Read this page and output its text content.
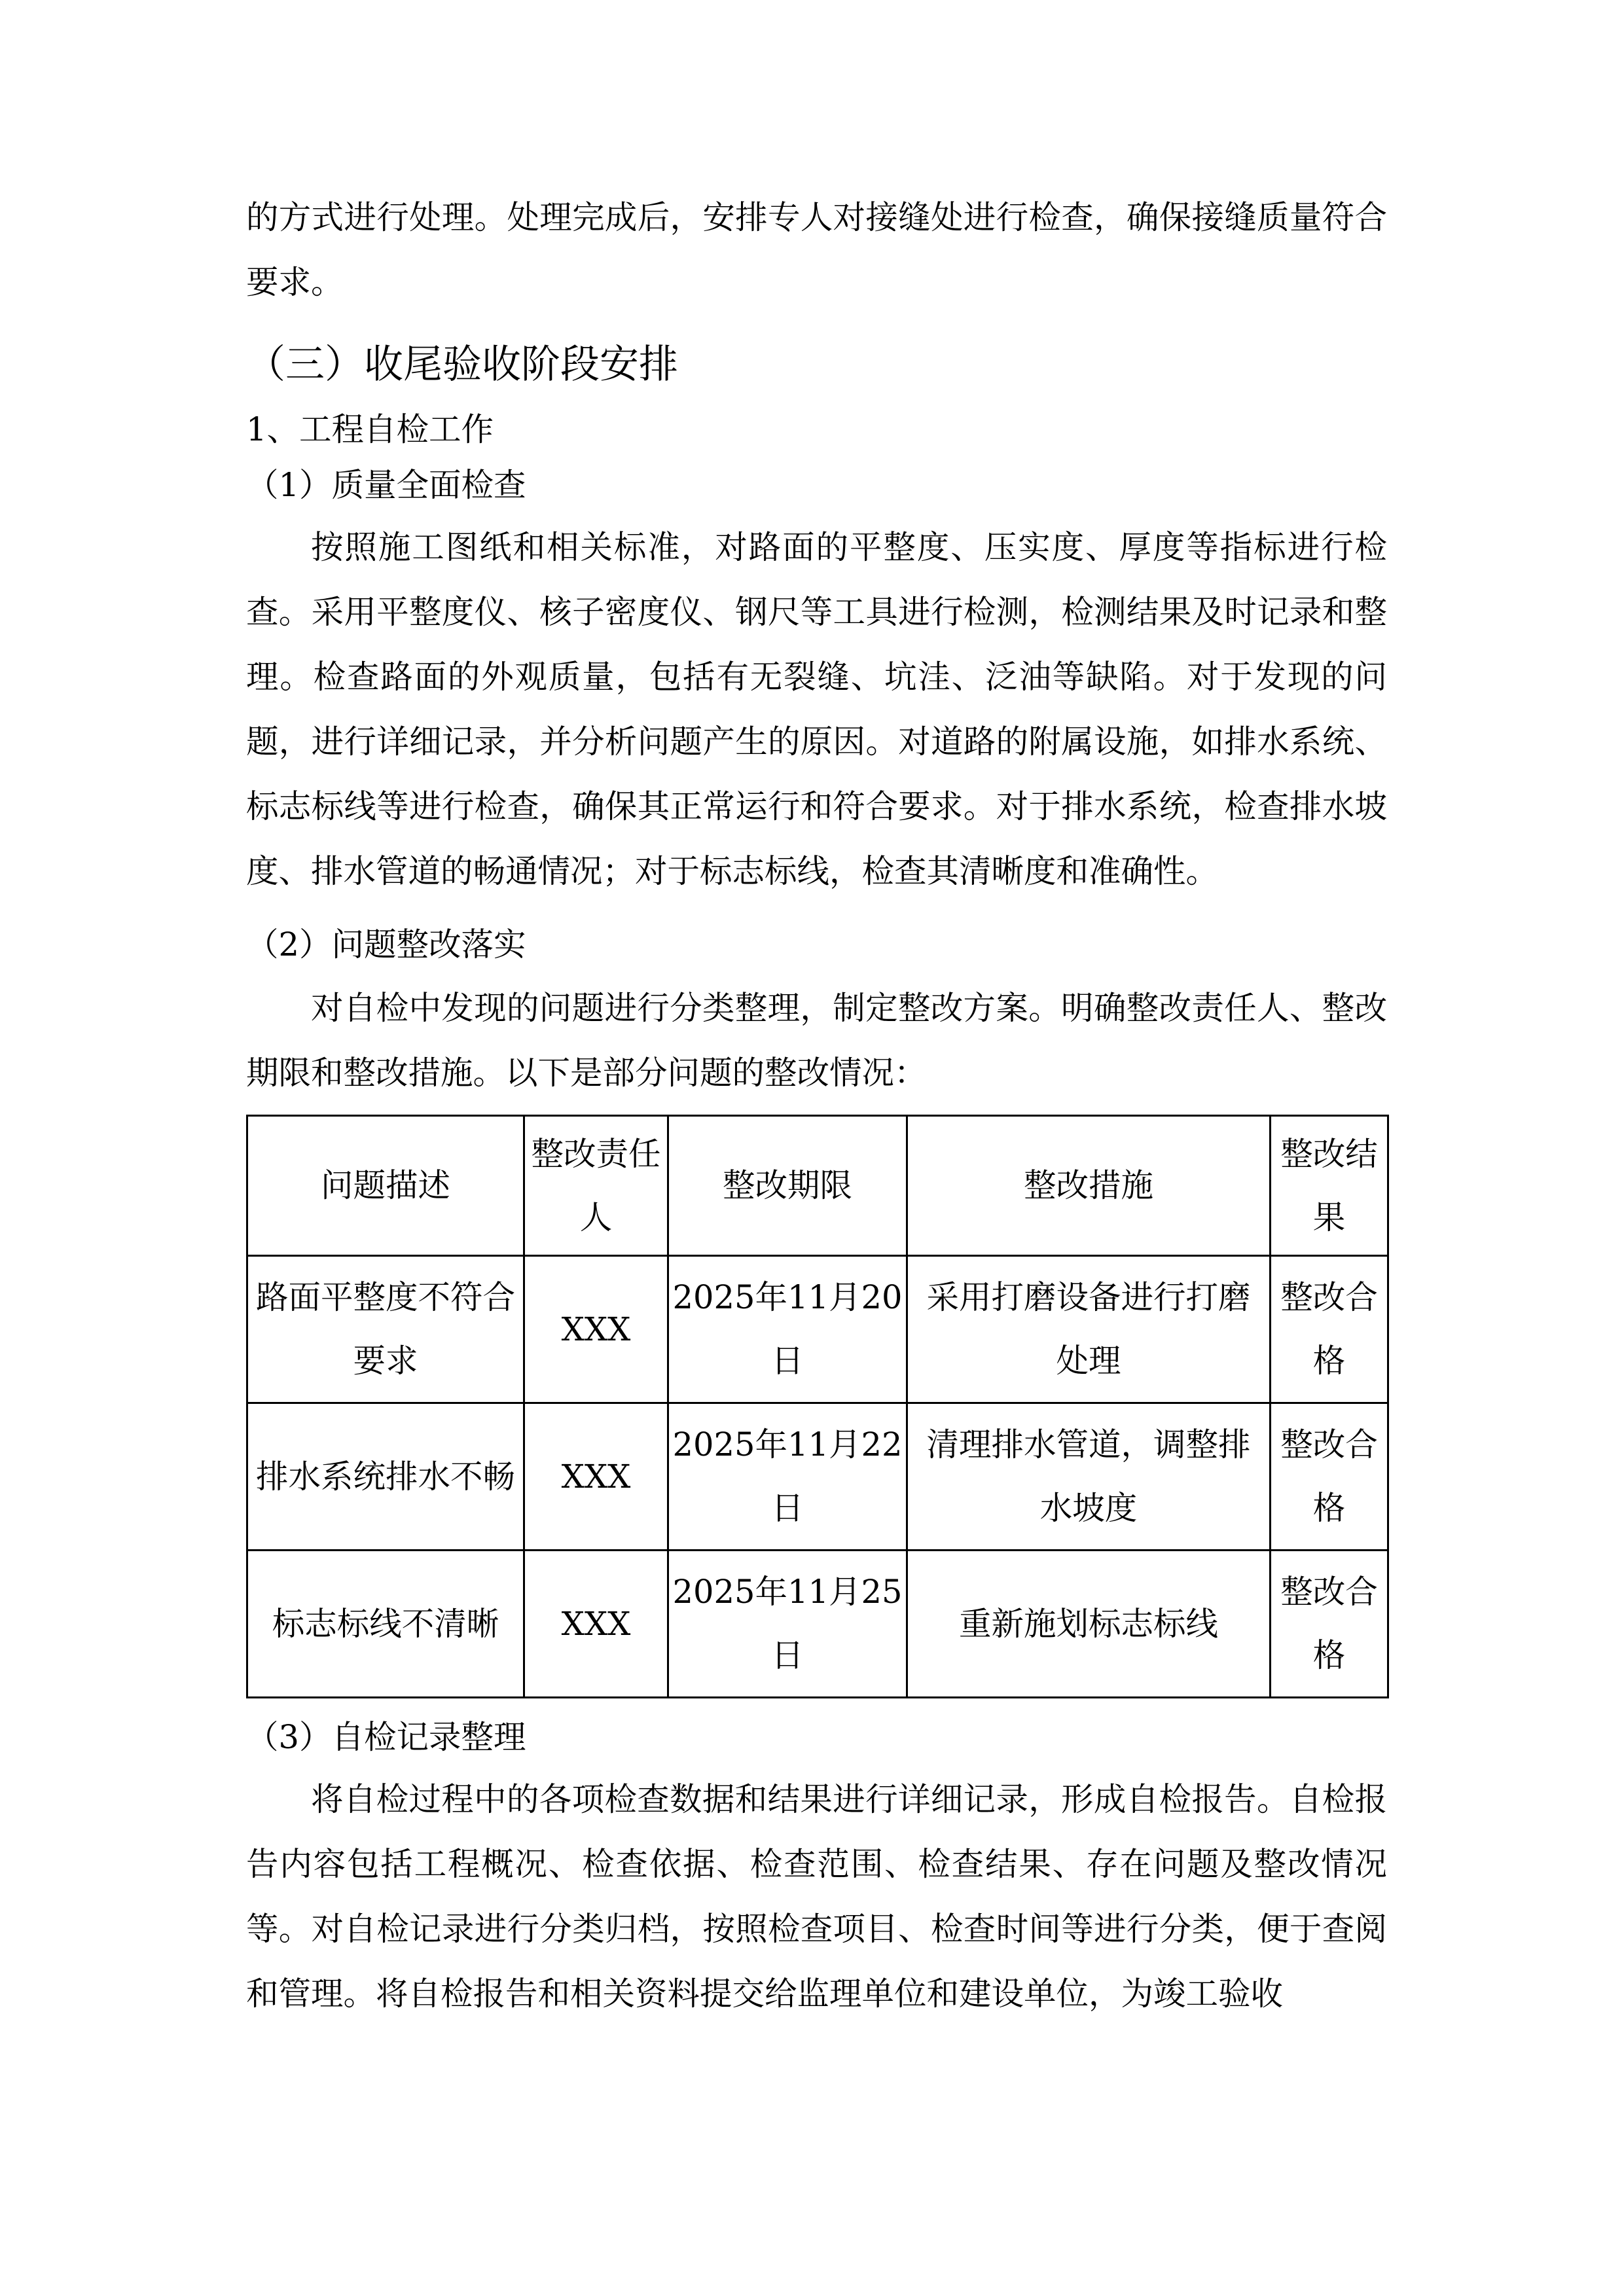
的方式进行处理。处理完成后，安排专人对接缝处进行检查，确保接缝质量符合要求。

（三）收尾验收阶段安排

1、工程自检工作

（1）质量全面检查

按照施工图纸和相关标准，对路面的平整度、压实度、厚度等指标进行检查。采用平整度仪、核子密度仪、钢尺等工具进行检测，检测结果及时记录和整理。检查路面的外观质量，包括有无裂缝、坑洼、泛油等缺陷。对于发现的问题，进行详细记录，并分析问题产生的原因。对道路的附属设施，如排水系统、标志标线等进行检查，确保其正常运行和符合要求。对于排水系统，检查排水坡度、排水管道的畅通情况；对于标志标线，检查其清晰度和准确性。

（2）问题整改落实

对自检中发现的问题进行分类整理，制定整改方案。明确整改责任人、整改期限和整改措施。以下是部分问题的整改情况：

问题描述	整改责任人	整改期限	整改措施	整改结果
路面平整度不符合要求	XXX	2025年11月20日	采用打磨设备进行打磨处理	整改合格
排水系统排水不畅	XXX	2025年11月22日	清理排水管道，调整排水坡度	整改合格
标志标线不清晰	XXX	2025年11月25日	重新施划标志标线	整改合格

（3）自检记录整理

将自检过程中的各项检查数据和结果进行详细记录，形成自检报告。自检报告内容包括工程概况、检查依据、检查范围、检查结果、存在问题及整改情况等。对自检记录进行分类归档，按照检查项目、检查时间等进行分类，便于查阅和管理。将自检报告和相关资料提交给监理单位和建设单位，为竣工验收
